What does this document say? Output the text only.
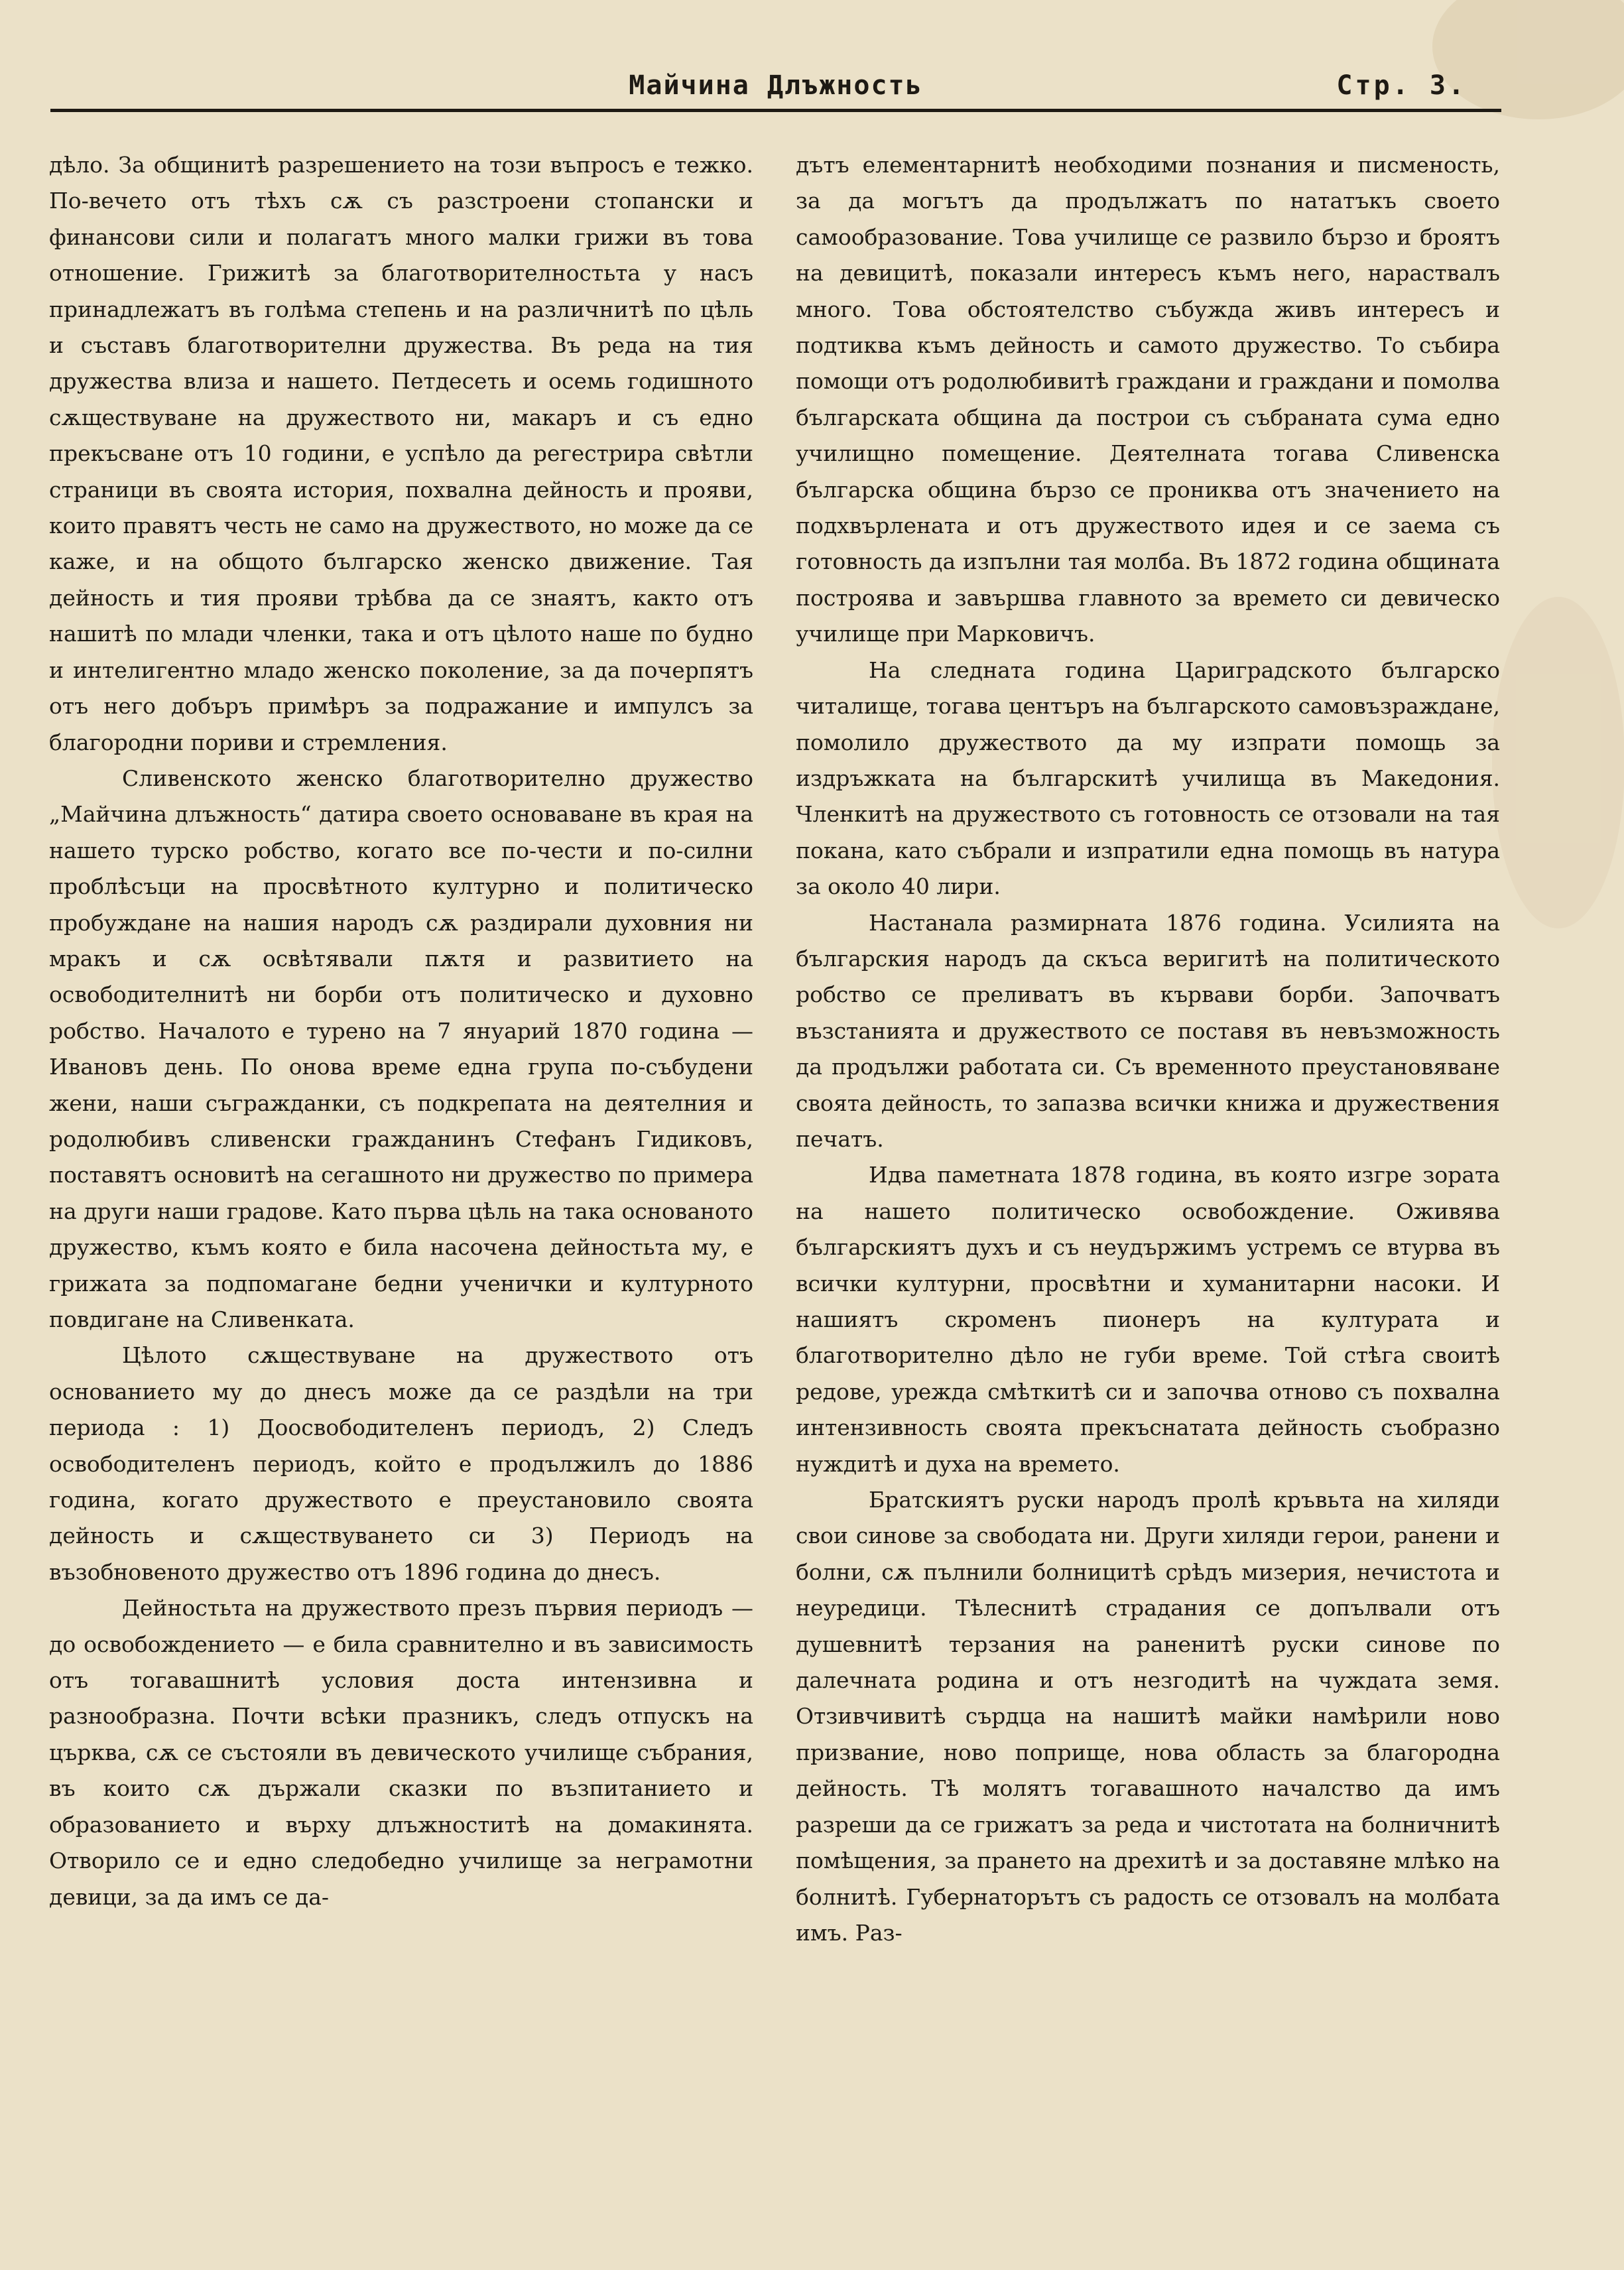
Майчина Длъжность	Стр. 3.

дѣло. За общинитѣ разрешението на този въпросъ е тежко. По-вечето отъ тѣхъ сѫ съ разстроени стопански и финансови сили и полагатъ много малки грижи въ това отношение. Грижитѣ за благотворителностьта у насъ принадлежатъ въ голѣма степень и на различнитѣ по цѣль и съставъ благотворителни дружества. Въ реда на тия дружества влиза и нашето. Петдесеть и осемь годишното сѫществуване на дружеството ни, макаръ и съ едно прекъсване отъ 10 години, е успѣло да регестрира свѣтли страници въ своята история, похвална дейность и прояви, които правятъ честь не само на дружеството, но може да се каже, и на общото българско женско движение. Тая дейность и тия прояви трѣбва да се знаятъ, както отъ нашитѣ по млади членки, така и отъ цѣлото наше по будно и интелигентно младо женско поколение, за да почерпятъ отъ него добъръ примѣръ за подражание и импулсъ за благородни пориви и стремления.

Сливенското женско благотворително дружество „Майчина длъжность“ датира своето основаване въ края на нашето турско робство, когато все по-чести и по-силни проблѣсъци на просвѣтното културно и политическо пробуждане на нашия народъ сѫ раздирали духовния ни мракъ и сѫ освѣтявали пѫтя и развитието на освободителнитѣ ни борби отъ политическо и духовно робство. Началото е турено на 7 януарий 1870 година — Ивановъ день. По онова време една група по-събудени жени, наши съгражданки, съ подкрепата на деятелния и родолюбивъ сливенски гражданинъ Стефанъ Гидиковъ, поставятъ основитѣ на сегашното ни дружество по примера на други наши градове. Като първа цѣль на така основаното дружество, къмъ която е била насочена дейностьта му, е грижата за подпомагане бедни ученички и културното повдигане на Сливенката.

Цѣлото сѫществуване на дружеството отъ основанието му до днесъ може да се раздѣли на три периода : 1) Доосвободителенъ периодъ, 2) Следъ освободителенъ периодъ, който е продължилъ до 1886 година, когато дружеството е преустановило своята дейность и сѫществуването си 3) Периодъ на възобновеното дружество отъ 1896 година до днесъ.

Дейностьта на дружеството презъ първия периодъ — до освобождението — е била сравнително и въ зависимость отъ тогавашнитѣ условия доста интензивна и разнообразна. Почти всѣки празникъ, следъ отпускъ на църква, сѫ се състояли въ девическото училище събрания, въ които сѫ държали сказки по възпитанието и образованието и върху длъжноститѣ на домакинята. Отворило се и едно следобедно училище за неграмотни девици, за да имъ се да-

дътъ елементарнитѣ необходими познания и писменость, за да могътъ да продължатъ по нататъкъ своето самообразование. Това училище се развило бързо и броятъ на девицитѣ, показали интересъ къмъ него, нараствалъ много. Това обстоятелство събужда живъ интересъ и подтиква къмъ дейность и самото дружество. То събира помощи отъ родолюбивитѣ граждани и граждани и помолва българската община да построи съ събраната сума едно училищно помещение. Деятелната тогава Сливенска българска община бързо се прониква отъ значението на подхвърлената и отъ дружеството идея и се заема съ готовность да изпълни тая молба. Въ 1872 година общината построява и завършва главното за времето си девическо училище при Марковичъ.

На следната година Цариградското българско читалище, тогава центъръ на българското самовъзраждане, помолило дружеството да му изпрати помощь за издръжката на българскитѣ училища въ Македония. Членкитѣ на дружеството съ готовность се отзовали на тая покана, като събрали и изпратили една помощь въ натура за около 40 лири.

Настанала размирната 1876 година. Усилията на българския народъ да скъса веригитѣ на политическото робство се преливатъ въ кървави борби. Започватъ възстанията и дружеството се поставя въ невъзможность да продължи работата си. Съ временното преустановяване своята дейность, то запазва всички книжа и дружествения печатъ.

Идва паметната 1878 година, въ която изгре зората на нашето политическо освобождение. Оживява българскиятъ духъ и съ неудържимъ устремъ се втурва въ всички културни, просвѣтни и хуманитарни насоки. И нашиятъ скроменъ пионеръ на културата и благотворително дѣло не губи време. Той стѣга своитѣ редове, урежда смѣткитѣ си и започва отново съ похвална интензивность своята прекъснатата дейность съобразно нуждитѣ и духа на времето.

Братскиятъ руски народъ пролѣ кръвьта на хиляди свои синове за свободата ни. Други хиляди герои, ранени и болни, сѫ пълнили болницитѣ срѣдъ мизерия, нечистота и неуредици. Тѣлеснитѣ страдания се допълвали отъ душевнитѣ терзания на раненитѣ руски синове по далечната родина и отъ незгодитѣ на чуждата земя. Отзивчивитѣ сърдца на нашитѣ майки намѣрили ново призвание, ново поприще, нова область за благородна дейность. Тѣ молятъ тогавашното началство да имъ разреши да се грижатъ за реда и чистотата на болничнитѣ помѣщения, за прането на дрехитѣ и за доставяне млѣко на болнитѣ. Губернаторътъ съ радость се отзовалъ на молбата имъ. Раз-
